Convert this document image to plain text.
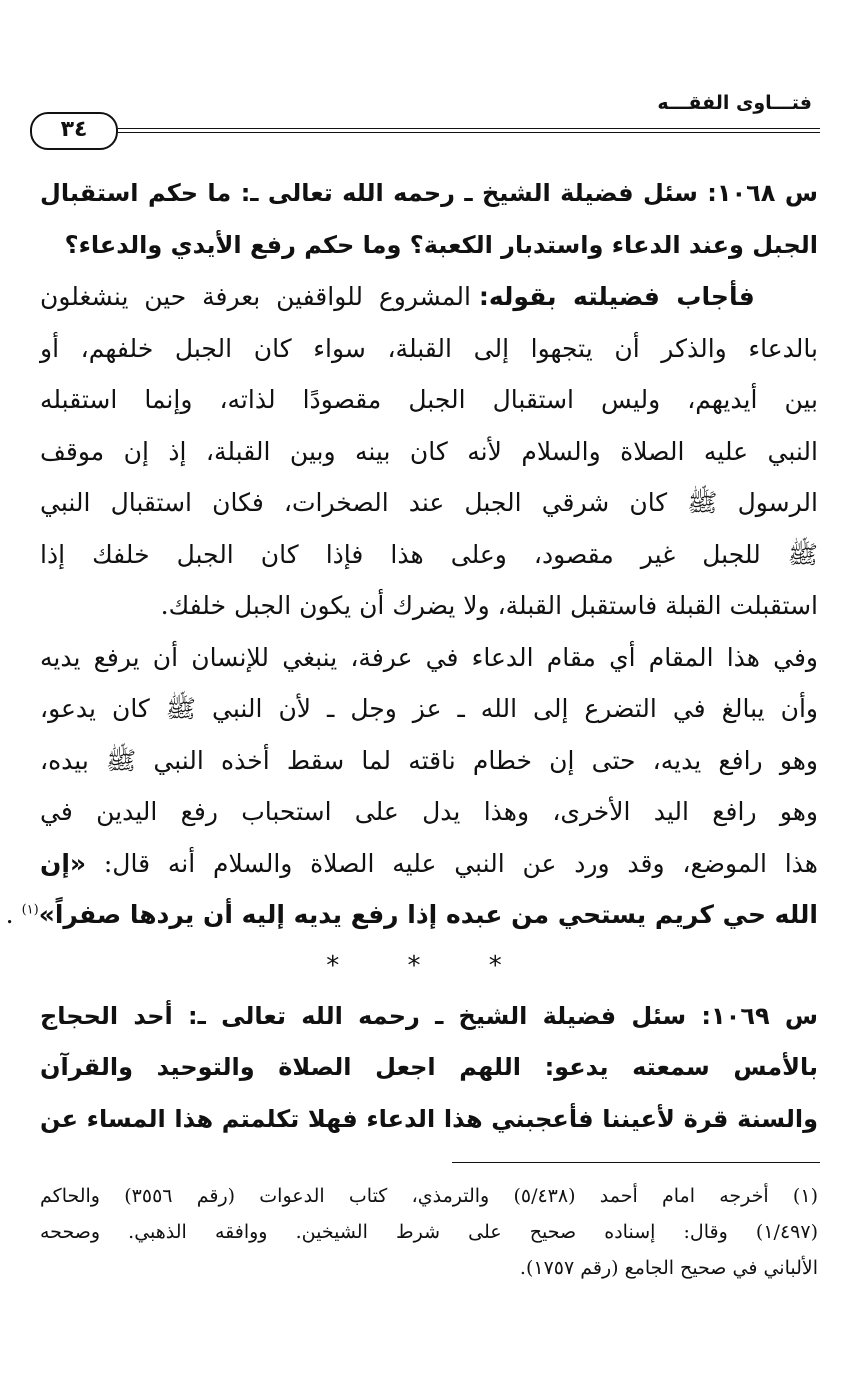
فتـــاوى الفقـــه
٣٤
س ١٠٦٨: سئل فضيلة الشيخ ـ رحمه الله تعالى ـ: ما حكم استقبال
الجبل وعند الدعاء واستدبار الكعبة؟ وما حكم رفع الأيدي والدعاء؟
فأجاب فضيلته بقوله: المشروع للواقفين بعرفة حين ينشغلون
بالدعاء والذكر أن يتجهوا إلى القبلة، سواء كان الجبل خلفهم، أو
بين أيديهم، وليس استقبال الجبل مقصودًا لذاته، وإنما استقبله
النبي عليه الصلاة والسلام لأنه كان بينه وبين القبلة، إذ إن موقف
الرسول ﷺ كان شرقي الجبل عند الصخرات، فكان استقبال النبي
ﷺ للجبل غير مقصود، وعلى هذا فإذا كان الجبل خلفك إذا
استقبلت القبلة فاستقبل القبلة، ولا يضرك أن يكون الجبل خلفك.
وفي هذا المقام أي مقام الدعاء في عرفة، ينبغي للإنسان أن يرفع يديه
وأن يبالغ في التضرع إلى الله ـ عز وجل ـ لأن النبي ﷺ كان يدعو،
وهو رافع يديه، حتى إن خطام ناقته لما سقط أخذه النبي ﷺ بيده،
وهو رافع اليد الأخرى، وهذا يدل على استحباب رفع اليدين في
هذا الموضع، وقد ورد عن النبي عليه الصلاة والسلام أنه قال: «إن
الله حي كريم يستحي من عبده إذا رفع يديه إليه أن يردها صفراً»$^{(١)}$ .
* * *
س ١٠٦٩: سئل فضيلة الشيخ ـ رحمه الله تعالى ـ: أحد الحجاج
بالأمس سمعته يدعو: اللهم اجعل الصلاة والتوحيد والقرآن
والسنة قرة لأعيننا فأعجبني هذا الدعاء فهلا تكلمتم هذا المساء عن
(١) أخرجه امام أحمد (٥/٤٣٨) والترمذي، كتاب الدعوات (رقم ٣٥٥٦) والحاكم
(١/٤٩٧) وقال: إسناده صحيح على شرط الشيخين. ووافقه الذهبي. وصححه
الألباني في صحيح الجامع (رقم ١٧٥٧).
